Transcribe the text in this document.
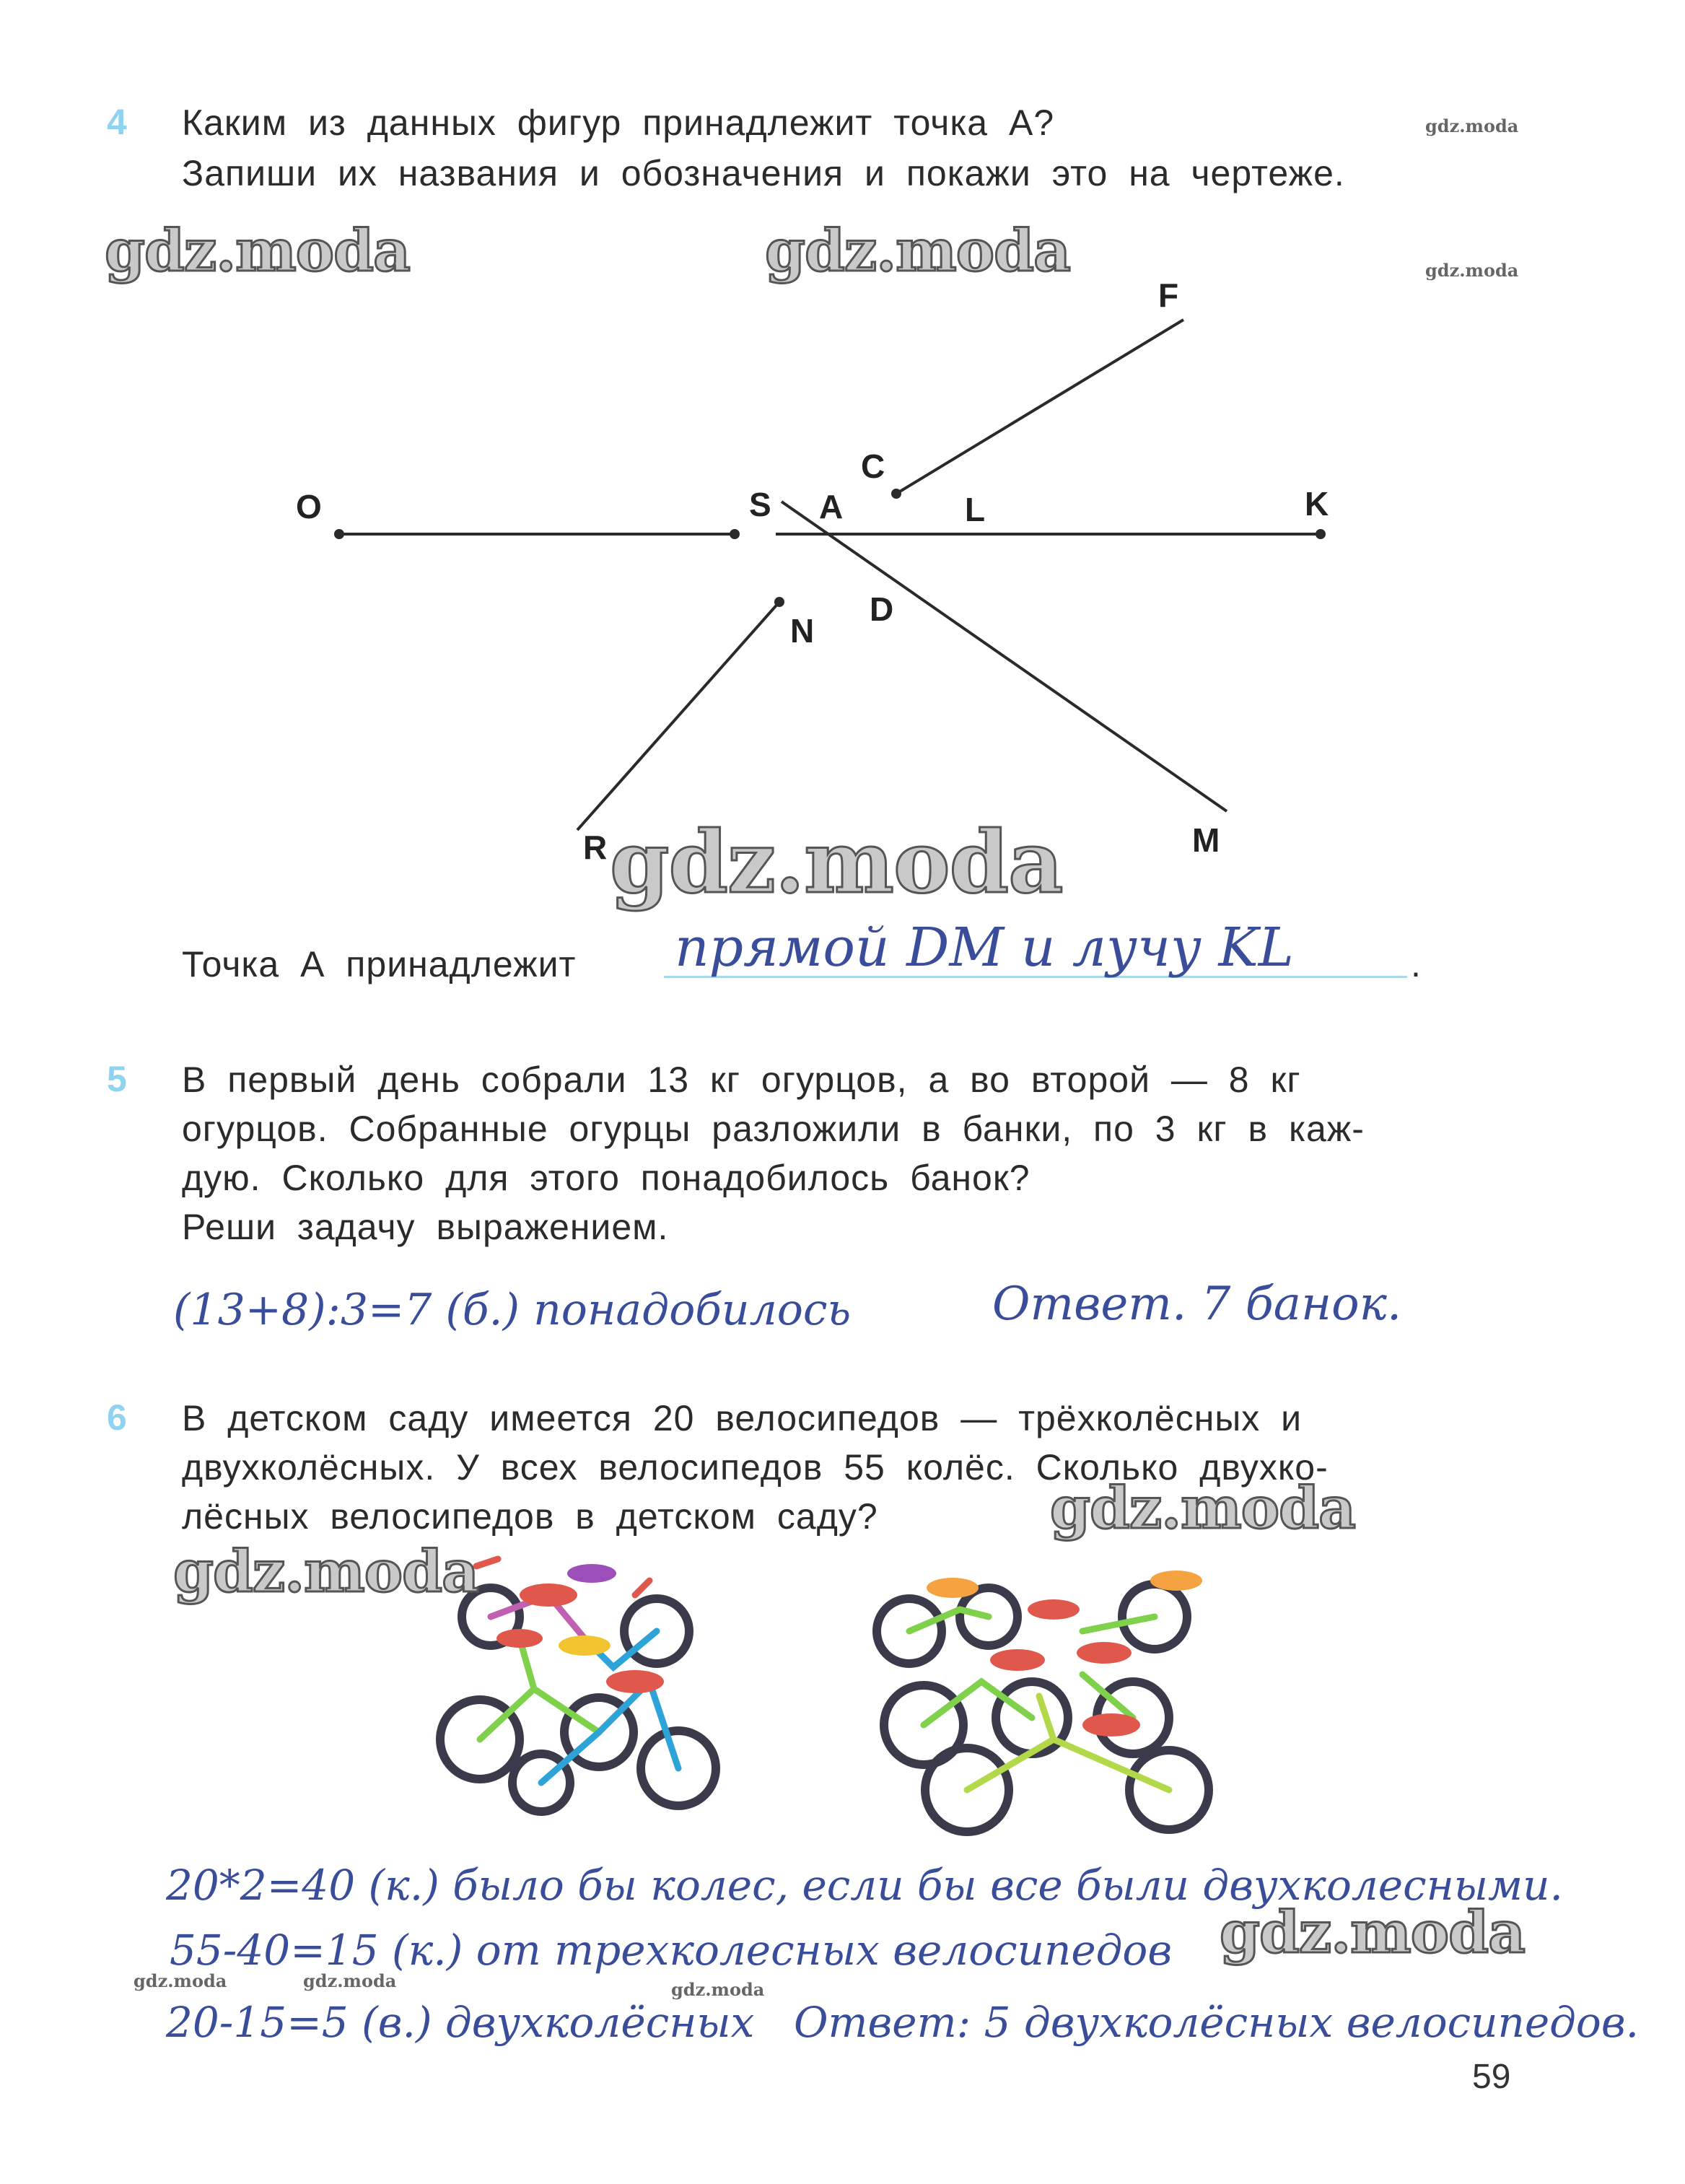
4 Каким из данных фигур принадлежит точка А?
Запиши их названия и обозначения и покажи это на чертеже.
O	S A
C
L	K
F
N
D
R	M
Точка А принадлежит прямой DM и лучу KL	.
5 В первый день собрали 13 кг огурцов, а во второй — 8 кг
огурцов. Собранные огурцы разложили в банки, по 3 кг в каж-
дую. Сколько для этого понадобилось банок?
Реши задачу выражением.
(13+8):3=7 (б.) понадобилось	Ответ. 7 банок.
6 В детском саду имеется 20 велосипедов — трёхколёсных и
двухколёсных. У всех велосипедов 55 колёс. Сколько двухко-
лёсных велосипедов в детском саду?
20*2=40 (к.) было бы колес, если бы все были двухколесными.
55-40=15 (к.) от трехколесных велосипедов
20-15=5 (в.) двухколёсных Ответ: 5 двухколёсных велосипедов.
59
gdz.moda	gdz.moda
gdz.moda
gdz.moda
gdz.moda
gdz.moda
gdz.moda
gdz.moda
gdz.moda	gdz.moda	gdz.moda
